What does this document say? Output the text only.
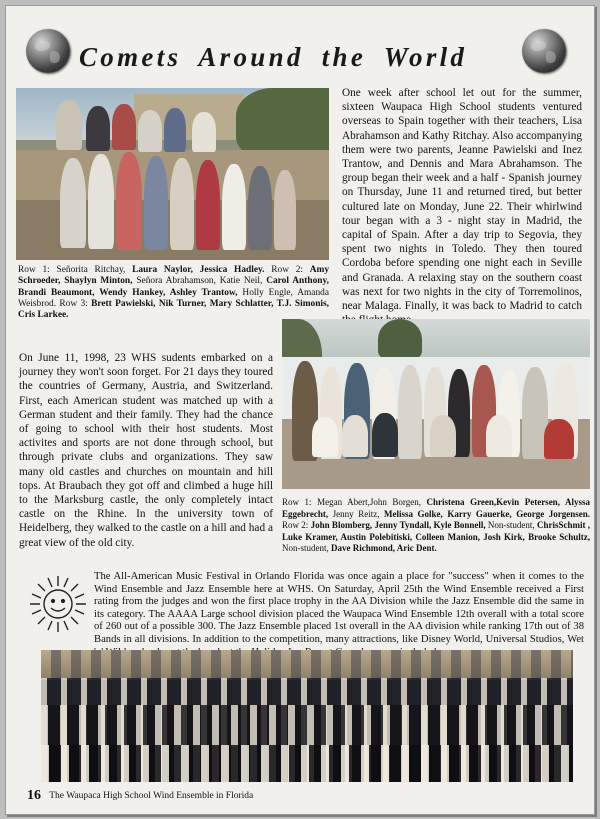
Comets Around the World
Row 1: Señorita Ritchay, Laura Naylor, Jessica Hadley. Row 2: Amy Schroeder, Shaylyn Minton, Señora Abrahamson, Katie Neil, Carol Anthony, Brandi Beaumont, Wendy Hankey, Ashley Trantow, Holly Engle, Amanda Weisbrod. Row 3: Brett Pawielski, Nik Turner, Mary Schlatter, T.J. Simonis, Cris Larkee.
One week after school let out for the summer, sixteen Waupaca High School students ventured overseas to Spain together with their teachers, Lisa Abrahamson and Kathy Ritchay. Also accompanying them were two parents, Jeanne Pawielski and Inez Trantow, and Dennis and Mara Abrahamson. The group began their week and a half - Spanish journey on Thursday, June 11 and returned tired, but better cultured late on Monday, June 22. Their whirlwind tour began with a 3 - night stay in Madrid, the capital of Spain. After a day trip to Segovia, they spent two nights in Toledo. They then toured Cordoba before spending one night each in Seville and Granada. A relaxing stay on the southern coast was next for two nights in the city of Torremolinos, near Malaga. Finally, it was back to Madrid to catch
On June 11, 1998, 23 WHS sudents embarked on a journey they won't soon forget. For 21 days they toured the countries of Germany, Austria, and Switzerland. First, each American student was matched up with a German student and their family. They had the chance of going to school with their host students. Most activites and sports are not done through school, but through private clubs and organizations. They saw many old castles and churches on mountain and hill tops. At Braubach they got off and climbed a huge hill to the Marksburg castle, the only completely intact castle on the Rhine. In the university town of Heidelberg, they walked to the castle on a hill and had a great view of the old city.
Row 1: Megan Abert,John Borgen, Christena Green,Kevin Petersen, Alyssa Eggebrecht, Jenny Reitz, Melissa Golke, Karry Gauerke, George Jorgensen. Row 2: John Blomberg, Jenny Tyndall, Kyle Bonnell, Non-student, ChrisSchmit , Luke Kramer, Austin Polebitiski, Colleen Manion, Josh Kirk, Brooke Schultz, Non-student, Dave Richmond, Aric Dent.
The All-American Music Festival in Orlando Florida was once again a place for "success" when it comes to the Wind Ensemble and Jazz Ensemble here at WHS. On Saturday, April 25th the Wind Ensemble received a First rating from the judges and won the first place trophy in the AA Division while the Jazz Ensemble did the same in its category. The AAAA Large school division placed the Waupaca Wind Ensemble 12th overall with a total score of 260 out of a possible 300. The Jazz Ensemble placed 1st overall in the AA division while ranking 17th out of 38 Bands in all divisions. In addition to the competition, many attractions, like Disney World, Universal Studios, Wet
16 The Waupaca High School Wind Ensemble in Florida
